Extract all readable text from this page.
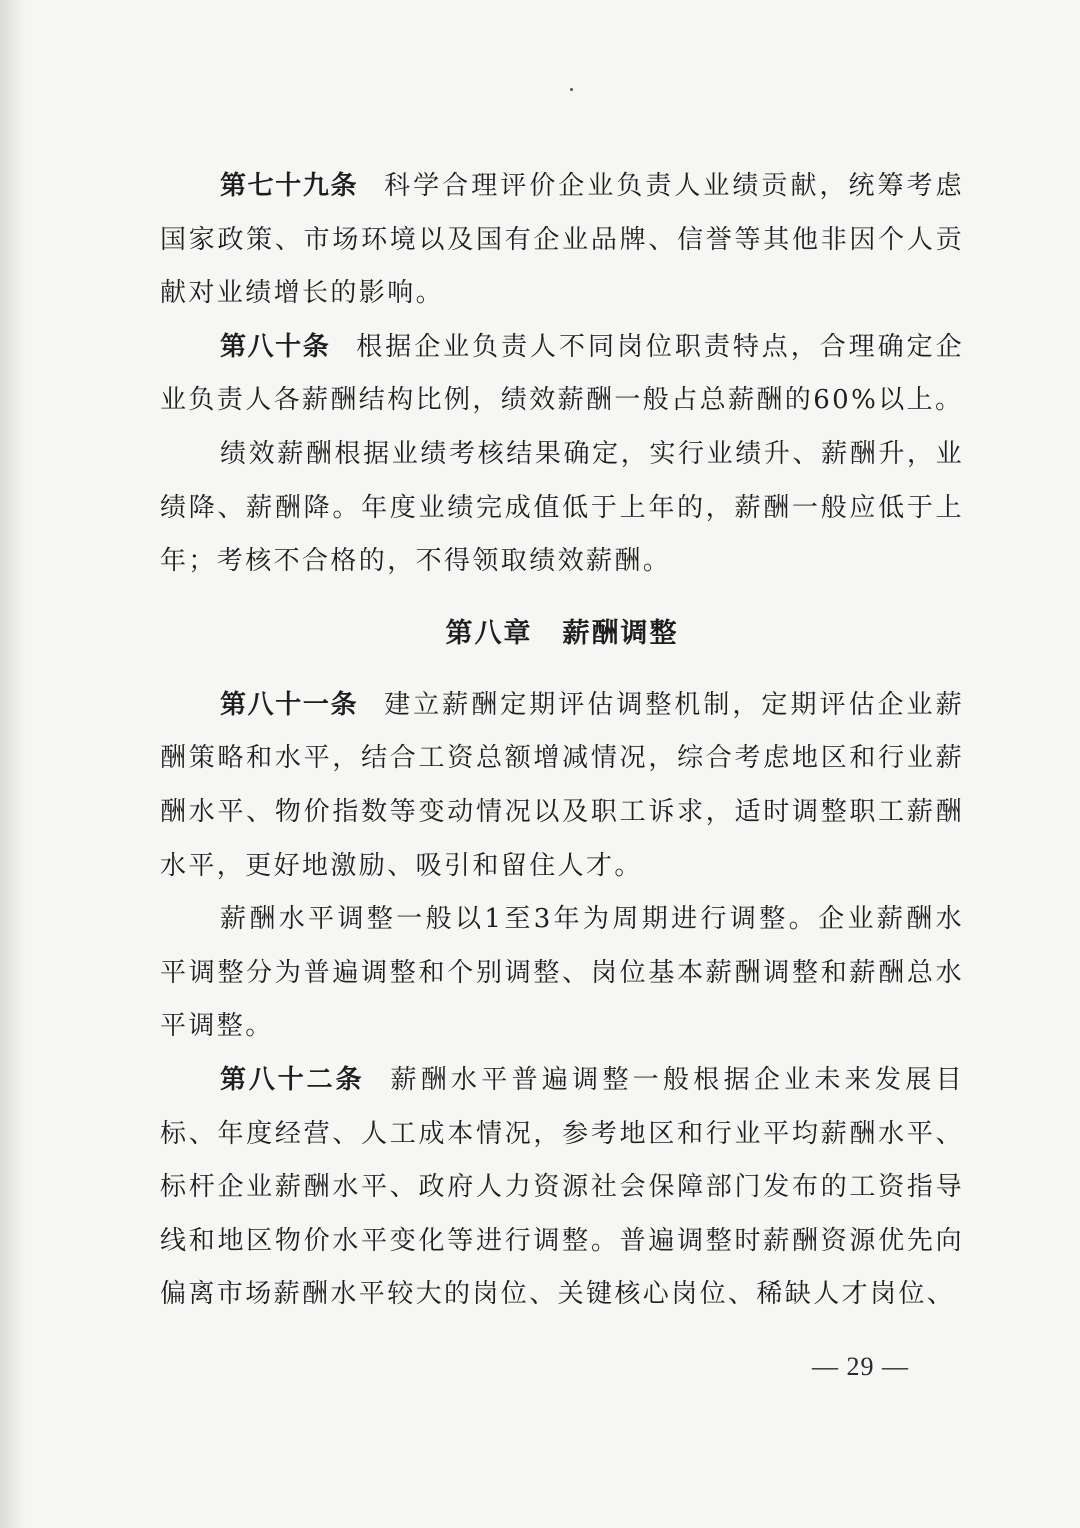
第七十九条 科学合理评价企业负责人业绩贡献，统筹考虑国家政策、市场环境以及国有企业品牌、信誉等其他非因个人贡献对业绩增长的影响。

第八十条 根据企业负责人不同岗位职责特点，合理确定企业负责人各薪酬结构比例，绩效薪酬一般占总薪酬的60%以上。

绩效薪酬根据业绩考核结果确定，实行业绩升、薪酬升，业绩降、薪酬降。年度业绩完成值低于上年的，薪酬一般应低于上年；考核不合格的，不得领取绩效薪酬。

第八章 薪酬调整

第八十一条 建立薪酬定期评估调整机制，定期评估企业薪酬策略和水平，结合工资总额增减情况，综合考虑地区和行业薪酬水平、物价指数等变动情况以及职工诉求，适时调整职工薪酬水平，更好地激励、吸引和留住人才。

薪酬水平调整一般以1至3年为周期进行调整。企业薪酬水平调整分为普遍调整和个别调整、岗位基本薪酬调整和薪酬总水平调整。

第八十二条 薪酬水平普遍调整一般根据企业未来发展目标、年度经营、人工成本情况，参考地区和行业平均薪酬水平、标杆企业薪酬水平、政府人力资源社会保障部门发布的工资指导线和地区物价水平变化等进行调整。普遍调整时薪酬资源优先向偏离市场薪酬水平较大的岗位、关键核心岗位、稀缺人才岗位、

— 29 —
